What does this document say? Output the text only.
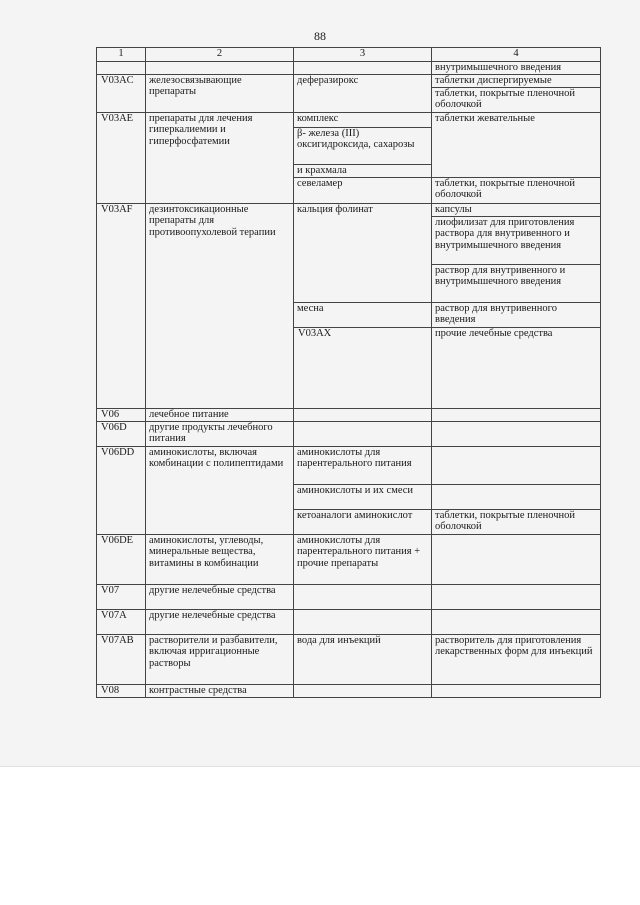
88
1	2	3	4	
			внутримышечного введения	
V03AC	железосвязывающие препараты	деферазирокс	таблетки диспергируемые	
			таблетки, покрытые пленочной оболочкой	
V03AE	препараты для лечения гиперкалиемии и гиперфосфатемии	комплекс	таблетки жевательные	
		β- железа (III) оксигидроксида, сахарозы		
		и крахмала		
		севеламер	таблетки, покрытые пленочной оболочкой	
V03AF	дезинтоксикационные препараты для противоопухолевой терапии	кальция фолинат	капсулы	
			лиофилизат для приготовления раствора для внутривенного и внутримышечного введения	
			раствор для внутривенного и внутримышечного введения	
		месна	раствор для внутривенного введения	
		V03AX	прочие лечебные средства		
V06	лечебное питание			
V06D	другие продукты лечебного питания			
V06DD	аминокислоты, включая комбинации с полипептидами	аминокислоты для парентерального питания		
		аминокислоты и их смеси		
		кетоаналоги аминокислот	таблетки, покрытые пленочной оболочкой	
V06DE	аминокислоты, углеводы, минеральные вещества, витамины в комбинации	аминокислоты для парентерального питания + прочие препараты		
V07	другие нелечебные средства			
V07A	другие нелечебные средства			
V07AB	растворители и разбавители, включая ирригационные растворы	вода для инъекций	растворитель для приготовления лекарственных форм для инъекций	
V08	контрастные средства			
